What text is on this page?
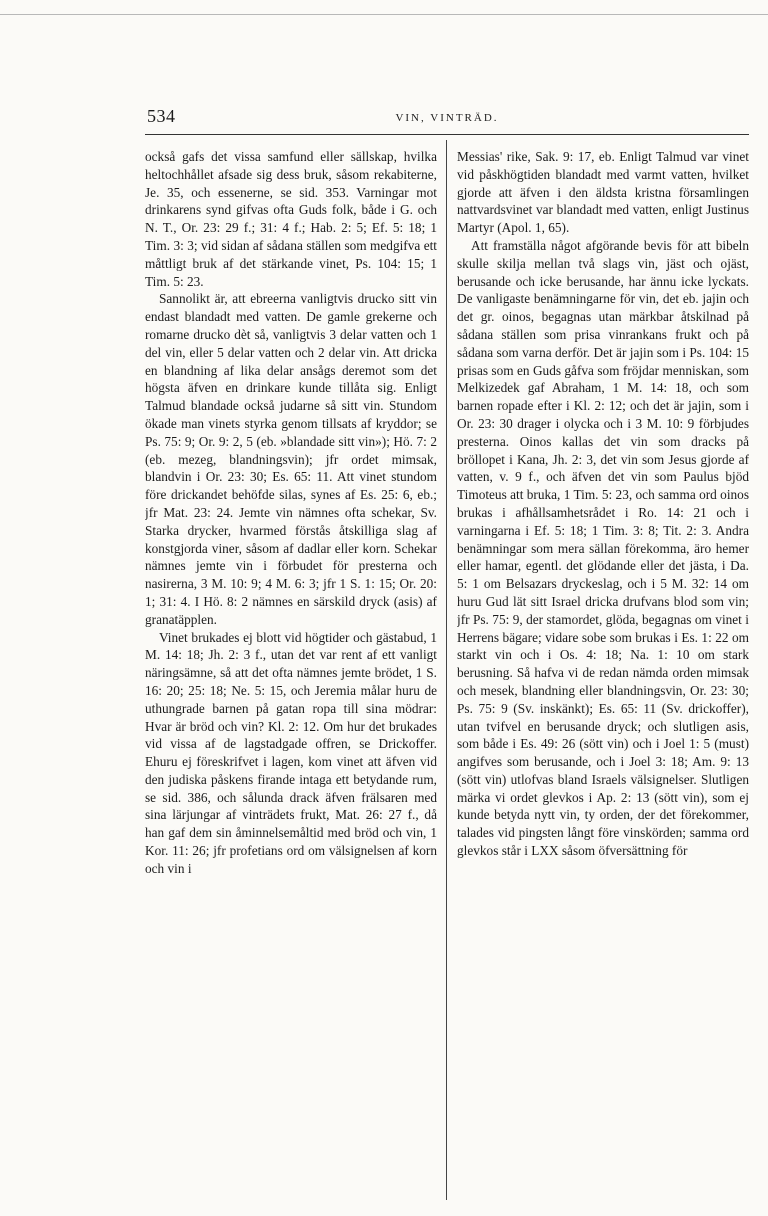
534	VIN, VINTRÄD.

också gafs det vissa samfund eller sällskap, hvilka heltochhållet afsade sig dess bruk, såsom rekabiterne, Je. 35, och essenerne, se sid. 353. Varningar mot drinkarens synd gifvas ofta Guds folk, både i G. och N. T., Or. 23: 29 f.; 31: 4 f.; Hab. 2: 5; Ef. 5: 18; 1 Tim. 3: 3; vid sidan af sådana ställen som medgifva ett måttligt bruk af det stärkande vinet, Ps. 104: 15; 1 Tim. 5: 23.

Sannolikt är, att ebreerna vanligtvis drucko sitt vin endast blandadt med vatten. De gamle grekerne och romarne drucko dèt så, vanligtvis 3 delar vatten och 1 del vin, eller 5 delar vatten och 2 delar vin. Att dricka en blandning af lika delar ansågs deremot som det högsta äfven en drinkare kunde tillåta sig. Enligt Talmud blandade också judarne så sitt vin. Stundom ökade man vinets styrka genom tillsats af kryddor; se Ps. 75: 9; Or. 9: 2, 5 (eb. »blandade sitt vin»); Hö. 7: 2 (eb. mezeg, blandningsvin); jfr ordet mimsak, blandvin i Or. 23: 30; Es. 65: 11. Att vinet stundom före drickandet behöfde silas, synes af Es. 25: 6, eb.; jfr Mat. 23: 24. Jemte vin nämnes ofta schekar, Sv. Starka drycker, hvarmed förstås åtskilliga slag af konstgjorda viner, såsom af dadlar eller korn. Schekar nämnes jemte vin i förbudet för presterna och nasirerna, 3 M. 10: 9; 4 M. 6: 3; jfr 1 S. 1: 15; Or. 20: 1; 31: 4. I Hö. 8: 2 nämnes en särskild dryck (asis) af granatäpplen.

Vinet brukades ej blott vid högtider och gästabud, 1 M. 14: 18; Jh. 2: 3 f., utan det var rent af ett vanligt näringsämne, så att det ofta nämnes jemte brödet, 1 S. 16: 20; 25: 18; Ne. 5: 15, och Jeremia målar huru de uthungrade barnen på gatan ropa till sina mödrar: Hvar är bröd och vin? Kl. 2: 12. Om hur det brukades vid vissa af de lagstadgade offren, se Drickoffer. Ehuru ej föreskrifvet i lagen, kom vinet att äfven vid den judiska påskens firande intaga ett betydande rum, se sid. 386, och sålunda drack äfven frälsaren med sina lärjungar af vinträdets frukt, Mat. 26: 27 f., då han gaf dem sin åminnelsemåltid med bröd och vin, 1 Kor. 11: 26; jfr profetians ord om välsignelsen af korn och vin i

Messias' rike, Sak. 9: 17, eb. Enligt Talmud var vinet vid påskhögtiden blandadt med varmt vatten, hvilket gjorde att äfven i den äldsta kristna församlingen nattvardsvinet var blandadt med vatten, enligt Justinus Martyr (Apol. 1, 65).

Att framställa något afgörande bevis för att bibeln skulle skilja mellan två slags vin, jäst och ojäst, berusande och icke berusande, har ännu icke lyckats. De vanligaste benämningarne för vin, det eb. jajin och det gr. oinos, begagnas utan märkbar åtskilnad på sådana ställen som prisa vinrankans frukt och på sådana som varna derför. Det är jajin som i Ps. 104: 15 prisas som en Guds gåfva som fröjdar menniskan, som Melkizedek gaf Abraham, 1 M. 14: 18, och som barnen ropade efter i Kl. 2: 12; och det är jajin, som i Or. 23: 30 drager i olycka och i 3 M. 10: 9 förbjudes presterna. Oinos kallas det vin som dracks på bröllopet i Kana, Jh. 2: 3, det vin som Jesus gjorde af vatten, v. 9 f., och äfven det vin som Paulus bjöd Timoteus att bruka, 1 Tim. 5: 23, och samma ord oinos brukas i afhållsamhetsrådet i Ro. 14: 21 och i varningarna i Ef. 5: 18; 1 Tim. 3: 8; Tit. 2: 3. Andra benämningar som mera sällan förekomma, äro hemer eller hamar, egentl. det glödande eller det jästa, i Da. 5: 1 om Belsazars dryckeslag, och i 5 M. 32: 14 om huru Gud lät sitt Israel dricka drufvans blod som vin; jfr Ps. 75: 9, der stamordet, glöda, begagnas om vinet i Herrens bägare; vidare sobe som brukas i Es. 1: 22 om starkt vin och i Os. 4: 18; Na. 1: 10 om stark berusning. Så hafva vi de redan nämda orden mimsak och mesek, blandning eller blandningsvin, Or. 23: 30; Ps. 75: 9 (Sv. inskänkt); Es. 65: 11 (Sv. drickoffer), utan tvifvel en berusande dryck; och slutligen asis, som både i Es. 49: 26 (sött vin) och i Joel 1: 5 (must) angifves som berusande, och i Joel 3: 18; Am. 9: 13 (sött vin) utlofvas bland Israels välsignelser. Slutligen märka vi ordet glevkos i Ap. 2: 13 (sött vin), som ej kunde betyda nytt vin, ty orden, der det förekommer, talades vid pingsten långt före vinskörden; samma ord glevkos står i LXX såsom öfversättning för
